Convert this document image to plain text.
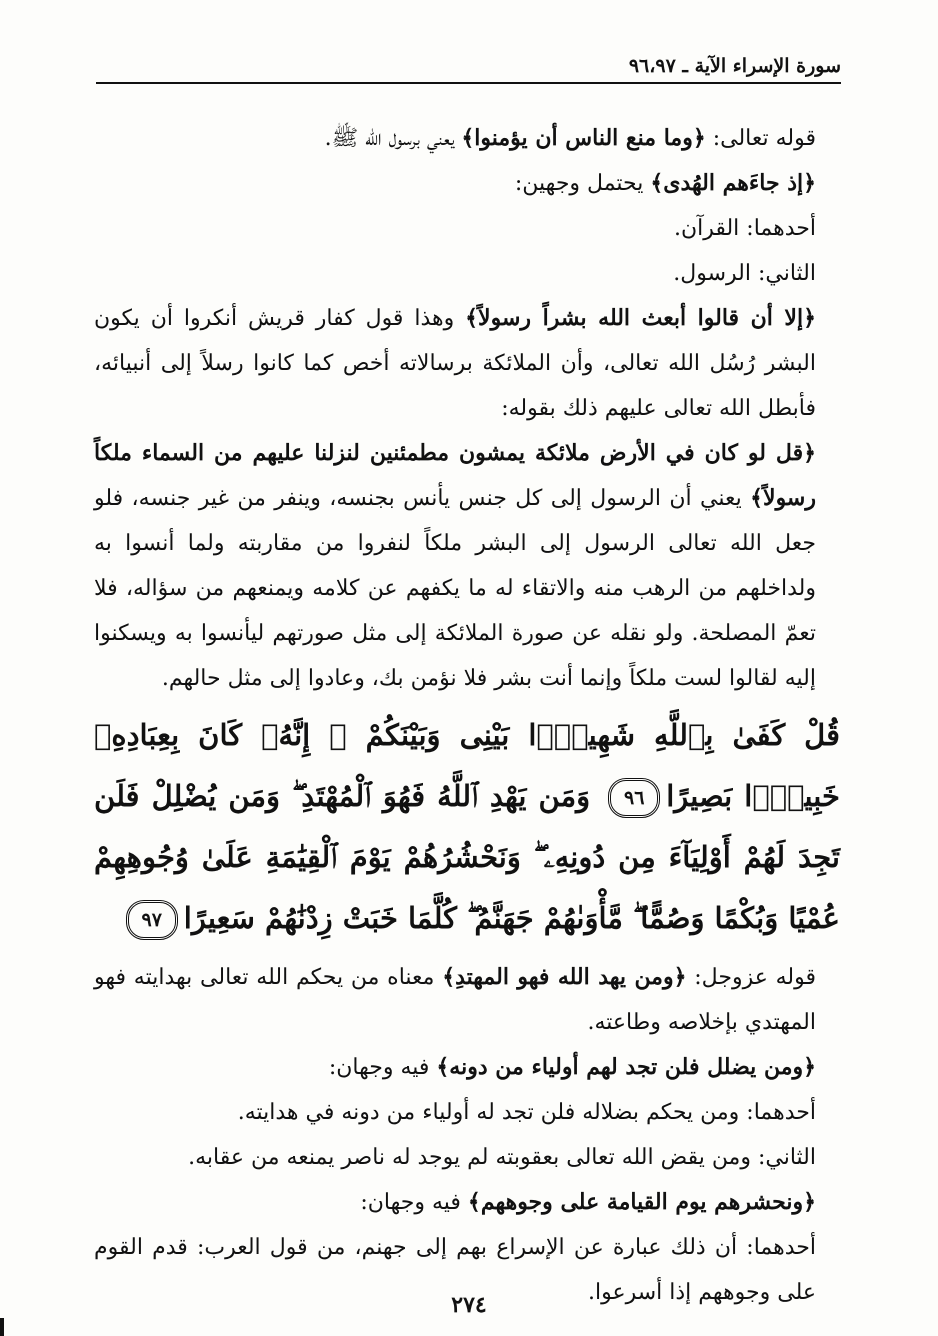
سورة الإسراء الآية ـ ٩٦،٩٧

قوله تعالى: ﴿وما منع الناس أن يؤمنوا﴾ يعني برسول الله ﷺ.

﴿إذ جاءَهم الهُدى﴾ يحتمل وجهين:

أحدهما: القرآن.

الثاني: الرسول.

﴿إلا أن قالوا أبعث الله بشراً رسولاً﴾ وهذا قول كفار قريش أنكروا أن يكون البشر رُسُل الله تعالى، وأن الملائكة برسالاته أخص كما كانوا رسلاً إلى أنبيائه، فأبطل الله تعالى عليهم ذلك بقوله:

﴿قل لو كان في الأرض ملائكة يمشون مطمئنين لنزلنا عليهم من السماء ملكاً رسولاً﴾ يعني أن الرسول إلى كل جنس يأنس بجنسه، وينفر من غير جنسه، فلو جعل الله تعالى الرسول إلى البشر ملكاً لنفروا من مقاربته ولما أنسوا به ولداخلهم من الرهب منه والاتقاء له ما يكفهم عن كلامه ويمنعهم من سؤاله، فلا تعمّ المصلحة. ولو نقله عن صورة الملائكة إلى مثل صورتهم ليأنسوا به ويسكنوا إليه لقالوا لست ملكاً وإنما أنت بشر فلا نؤمن بك، وعادوا إلى مثل حالهم.

قُلْ كَفَىٰ بِٱللَّهِ شَهِيدًۢا بَيْنِى وَبَيْنَكُمْ ۚ إِنَّهُۥ كَانَ بِعِبَادِهِۦ خَبِيرًۢا بَصِيرًا٩٦ وَمَن يَهْدِ ٱللَّهُ فَهُوَ ٱلْمُهْتَدِ ۖ وَمَن يُضْلِلْ فَلَن تَجِدَ لَهُمْ أَوْلِيَآءَ مِن دُونِهِۦ ۖ وَنَحْشُرُهُمْ يَوْمَ ٱلْقِيَٰمَةِ عَلَىٰ وُجُوهِهِمْ عُمْيًا وَبُكْمًا وَصُمًّا ۖ مَّأْوَىٰهُمْ جَهَنَّمُ ۖ كُلَّمَا خَبَتْ زِدْنَٰهُمْ سَعِيرًا٩٧

قوله عزوجل: ﴿ومن يهد الله فهو المهتدِ﴾ معناه من يحكم الله تعالى بهدايته فهو المهتدي بإخلاصه وطاعته.

﴿ومن يضلل فلن تجد لهم أولياء من دونه﴾ فيه وجهان:

أحدهما: ومن يحكم بضلاله فلن تجد له أولياء من دونه في هدايته.

الثاني: ومن يقض الله تعالى بعقوبته لم يوجد له ناصر يمنعه من عقابه.

﴿ونحشرهم يوم القيامة على وجوههم﴾ فيه وجهان:

أحدهما: أن ذلك عبارة عن الإسراع بهم إلى جهنم، من قول العرب: قدم القوم على وجوههم إذا أسرعوا.

٢٧٤
